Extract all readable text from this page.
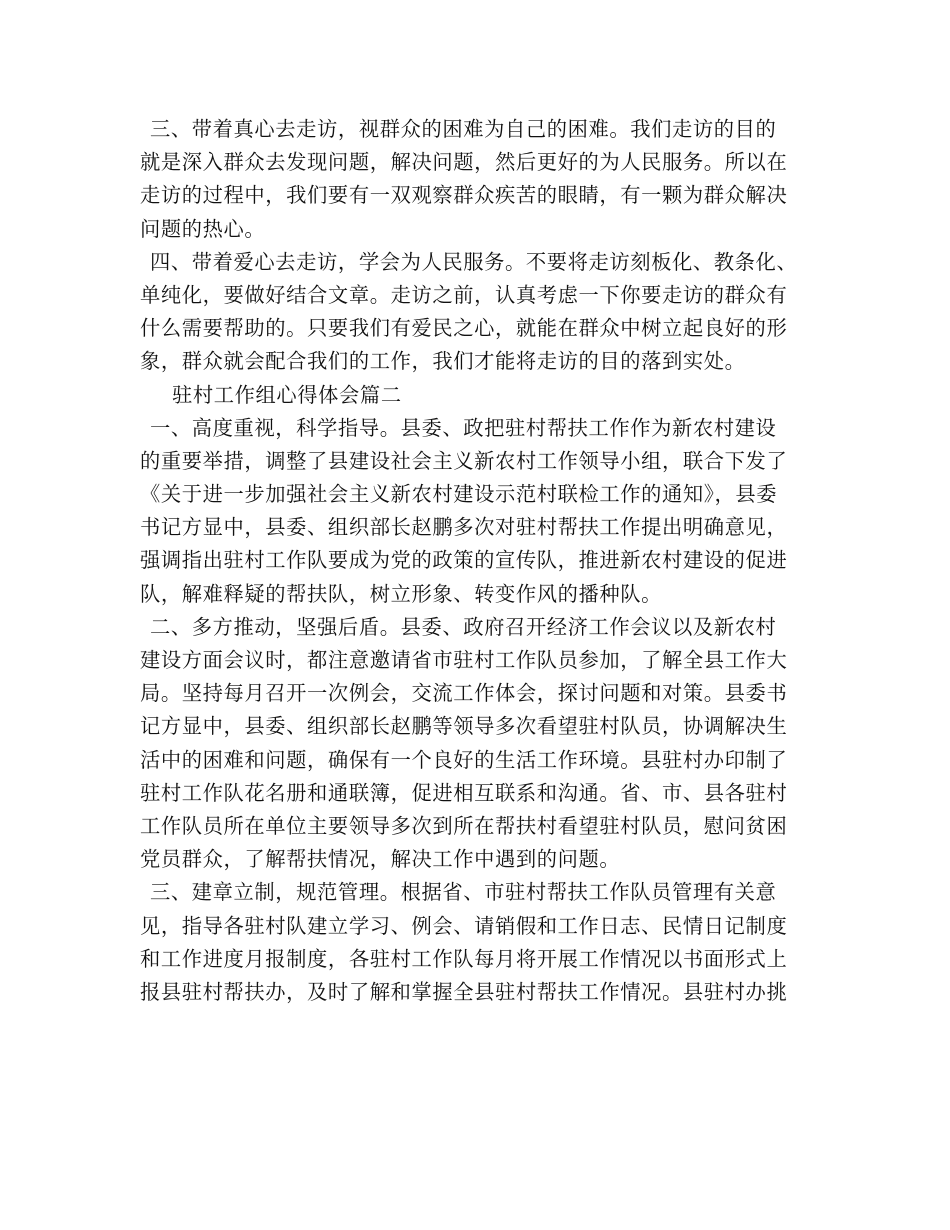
三、带着真心去走访，视群众的困难为自己的困难。我们走访的目的
就是深入群众去发现问题，解决问题，然后更好的为人民服务。所以在
走访的过程中，我们要有一双观察群众疾苦的眼睛，有一颗为群众解决
问题的热心。
四、带着爱心去走访，学会为人民服务。不要将走访刻板化、教条化、
单纯化，要做好结合文章。走访之前，认真考虑一下你要走访的群众有
什么需要帮助的。只要我们有爱民之心，就能在群众中树立起良好的形
象，群众就会配合我们的工作，我们才能将走访的目的落到实处。
驻村工作组心得体会篇二
一、高度重视，科学指导。县委、政把驻村帮扶工作作为新农村建设
的重要举措，调整了县建设社会主义新农村工作领导小组，联合下发了
《关于进一步加强社会主义新农村建设示范村联检工作的通知》，县委
书记方显中，县委、组织部长赵鹏多次对驻村帮扶工作提出明确意见，
强调指出驻村工作队要成为党的政策的宣传队，推进新农村建设的促进
队，解难释疑的帮扶队，树立形象、转变作风的播种队。
二、多方推动，坚强后盾。县委、政府召开经济工作会议以及新农村
建设方面会议时，都注意邀请省市驻村工作队员参加，了解全县工作大
局。坚持每月召开一次例会，交流工作体会，探讨问题和对策。县委书
记方显中，县委、组织部长赵鹏等领导多次看望驻村队员，协调解决生
活中的困难和问题，确保有一个良好的生活工作环境。县驻村办印制了
驻村工作队花名册和通联簿，促进相互联系和沟通。省、市、县各驻村
工作队员所在单位主要领导多次到所在帮扶村看望驻村队员，慰问贫困
党员群众，了解帮扶情况，解决工作中遇到的问题。
三、建章立制，规范管理。根据省、市驻村帮扶工作队员管理有关意
见，指导各驻村队建立学习、例会、请销假和工作日志、民情日记制度
和工作进度月报制度，各驻村工作队每月将开展工作情况以书面形式上
报县驻村帮扶办，及时了解和掌握全县驻村帮扶工作情况。县驻村办挑
